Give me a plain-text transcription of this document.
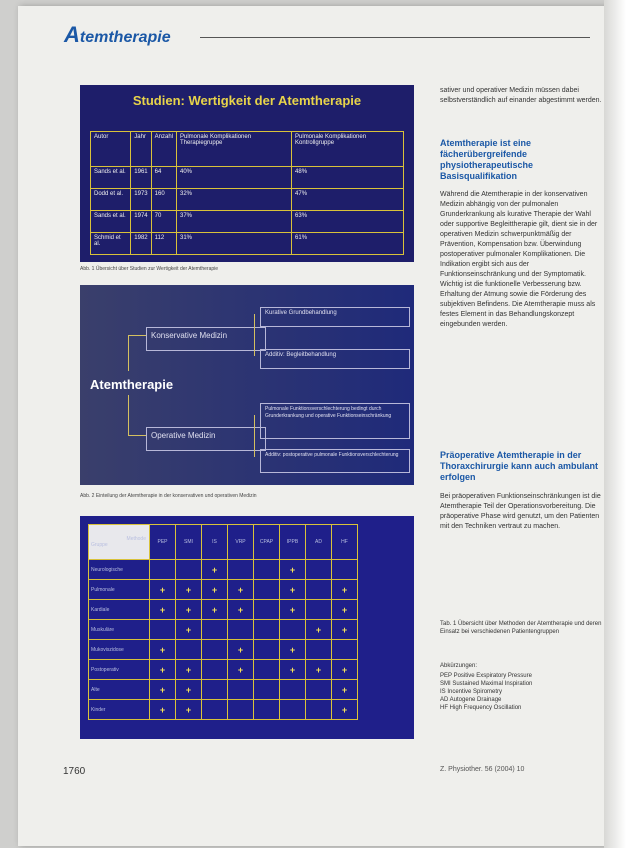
Atemtherapie
Studien: Wertigkeit der Atemtherapie
Autor	Jahr	Anzahl	Pulmonale Komplikationen Therapiegruppe	Pulmonale Komplikationen Kontrollgruppe
Sands et al.	1961	64	40%	48%
Dodd et al.	1973	160	32%	47%
Sands et al.	1974	70	37%	63%
Schmid et al.	1982	112	31%	61%
Abb. 1 Übersicht über Studien zur Wertigkeit der Atemtherapie
Kurative Grundbehandlung
Konservative Medizin
Additiv: Begleitbehandlung
Atemtherapie
Pulmonale Funktionsverschlechterung bedingt durch Grunderkrankung und operative Funktionseinschränkung
Operative Medizin
Additiv: postoperative pulmonale Funktionsverschlechterung
Abb. 2 Einteilung der Atemtherapie in der konservativen und operativen Medizin
Methode
Gruppe	PEP	SMI	IS	VRP	CPAP	IPPB	AD	HF
Neurologische			+			+		
Pulmonale	+	+	+	+		+		+
Kardiale	+	+	+	+		+		+
Muskuläre		+					+	+
Mukoviszidose	+			+		+		
Postoperativ	+	+		+		+	+	+
Alte	+	+						+
Kinder	+	+						+
sativer und operativer Medizin müssen dabei selbstverständlich auf einander abgestimmt werden.
Atemtherapie ist eine fächerübergreifende physiotherapeutische Basisqualifikation
Während die Atemtherapie in der konservativen Medizin abhängig von der pulmonalen Grunderkrankung als kurative Therapie der Wahl oder supportive Begleittherapie gilt, dient sie in der operativen Medizin schwerpunktmäßig der Prävention, Kompensation bzw. Überwindung postoperativer pulmonaler Komplikationen. Die Indikation ergibt sich aus der Funktionseinschränkung und der Symptomatik. Wichtig ist die funktionelle Verbesserung bzw. Erhaltung der Atmung sowie die Förderung des subjektiven Befindens. Die Atemtherapie muss als festes Element in das Behandlungskonzept eingebunden werden.
Präoperative Atemtherapie in der Thoraxchirurgie kann auch ambulant erfolgen
Bei präoperativen Funktionseinschränkungen ist die Atemtherapie Teil der Operationsvorbereitung. Die präoperative Phase wird genutzt, um den Patienten mit den Techniken vertraut zu machen.
Tab. 1 Übersicht über Methoden der Atemtherapie und deren Einsatz bei verschiedenen Patientengruppen
Abkürzungen:
PEP Positive Exspiratory Pressure
SMI Sustained Maximal Inspiration
IS Incentive Spirometry
AD Autogene Drainage
HF High Frequency Oscillation
1760	Z. Physiother. 56 (2004) 10
